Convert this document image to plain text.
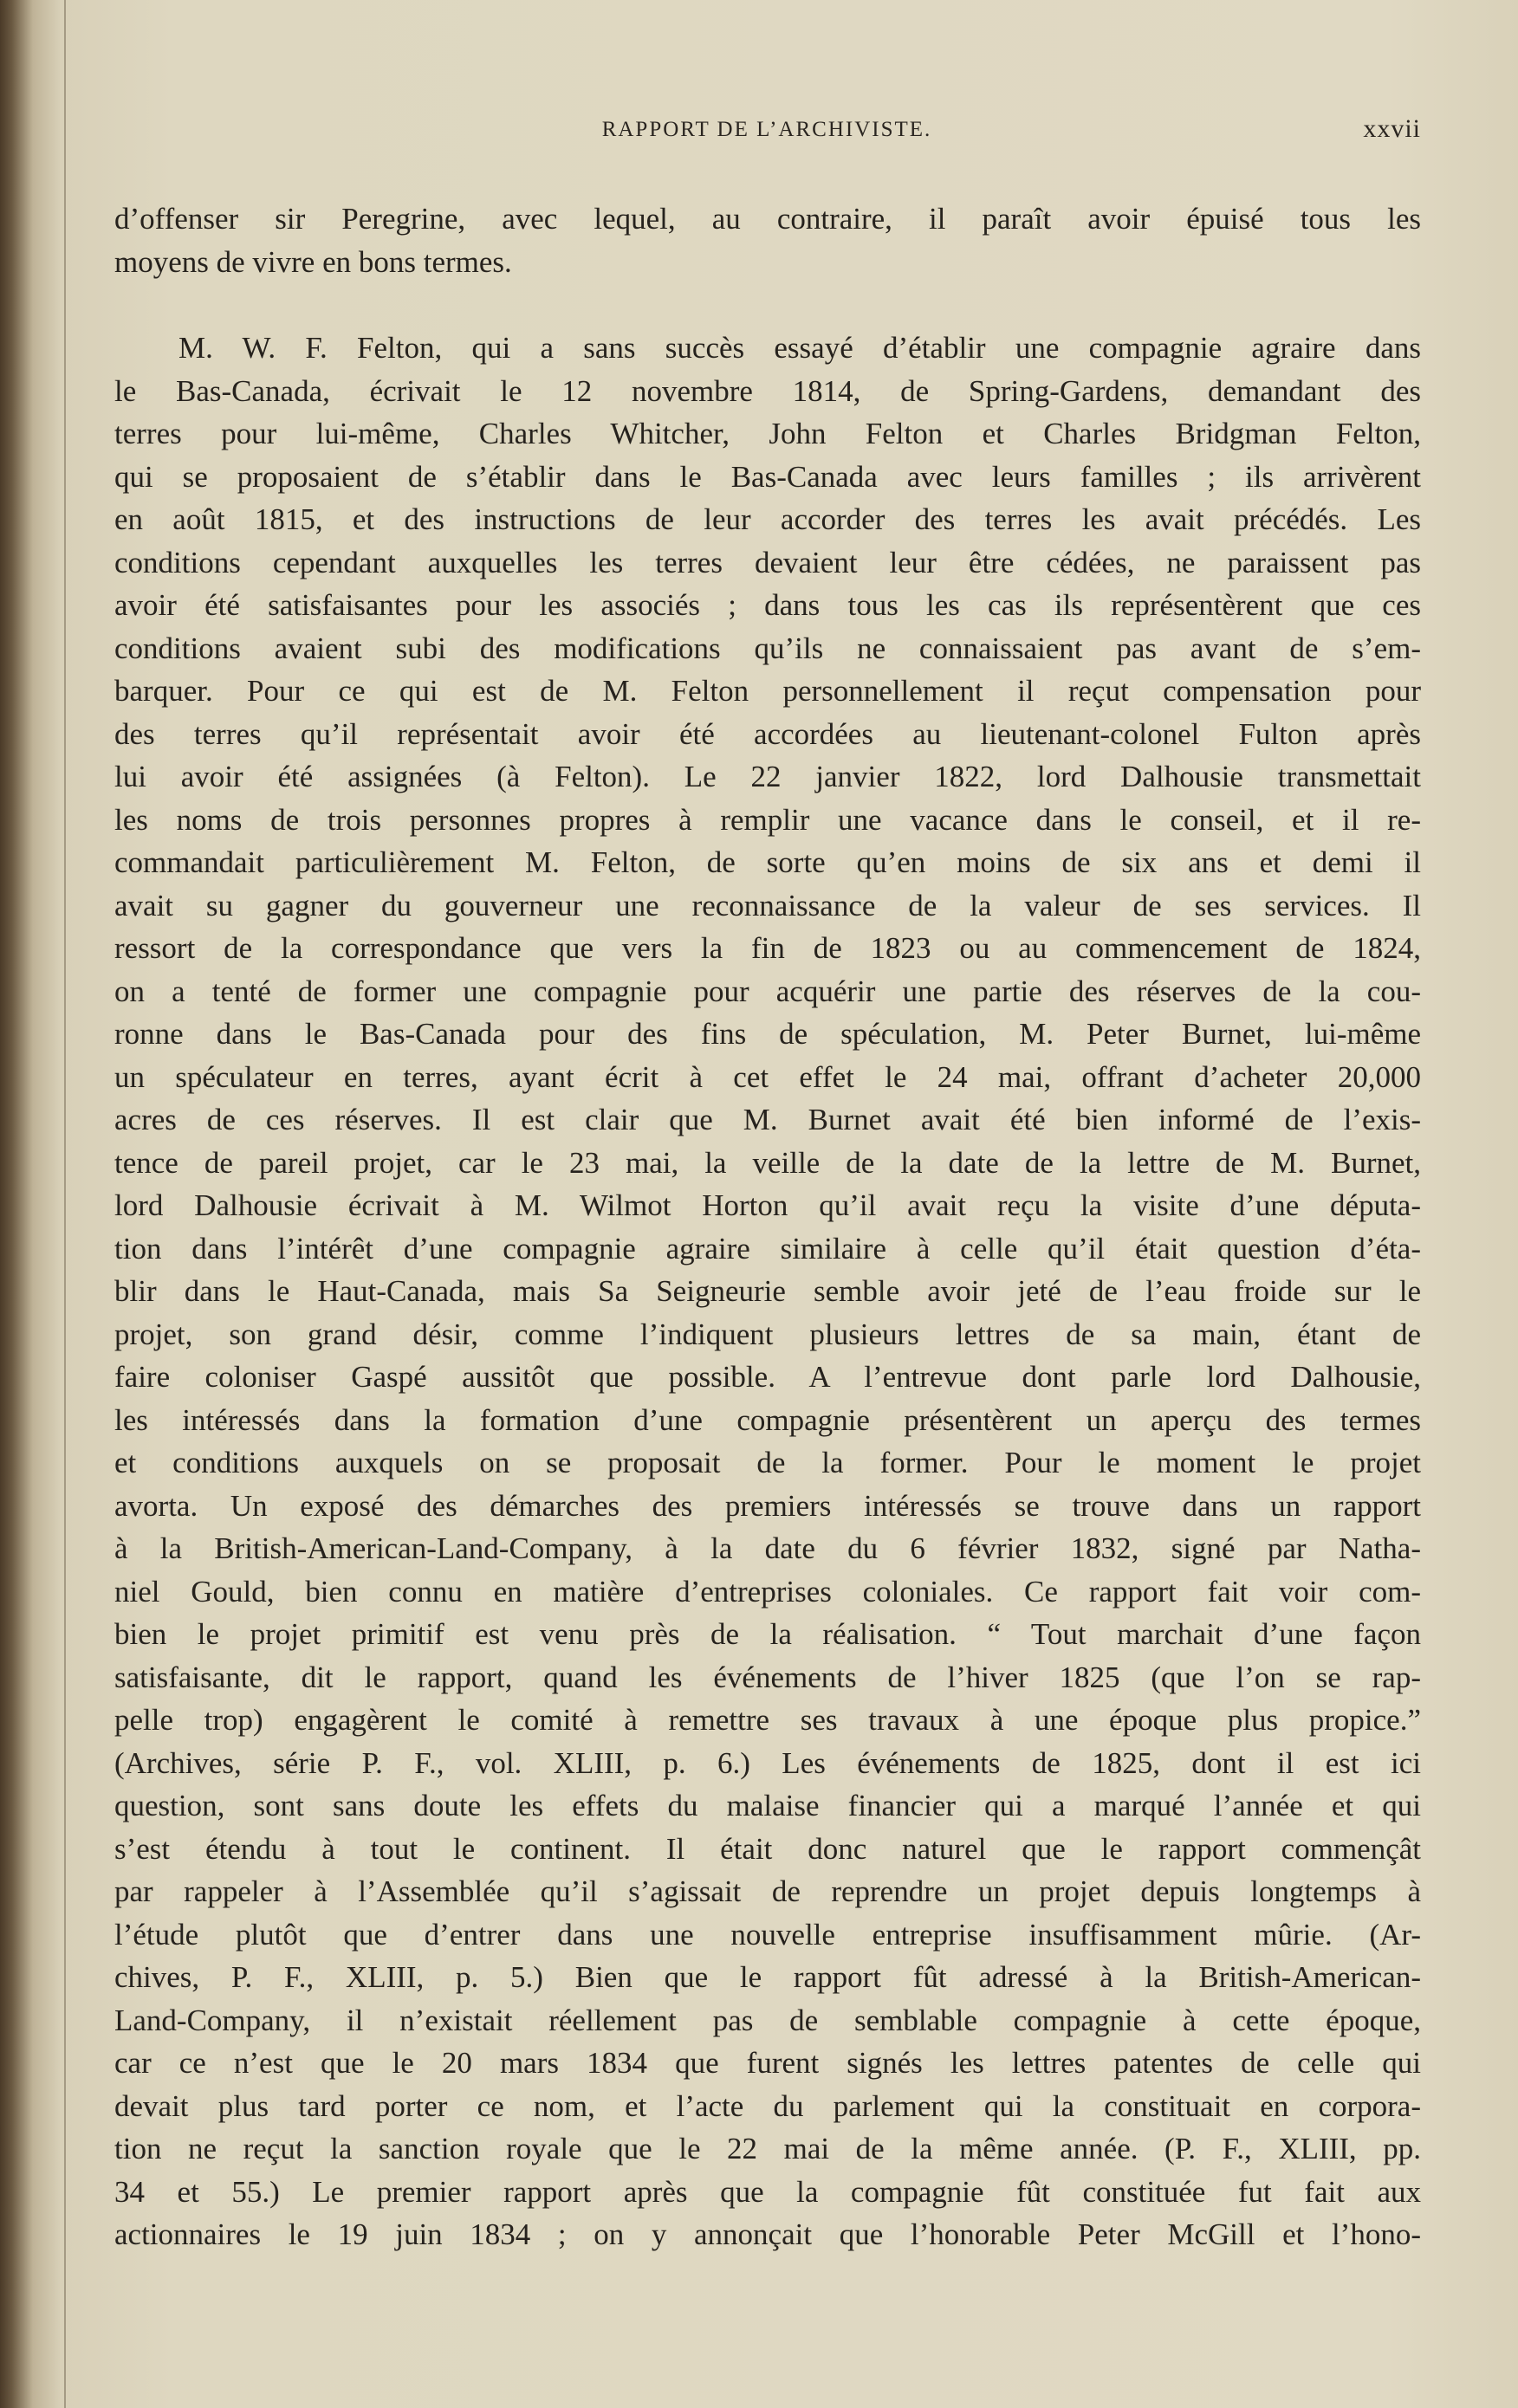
RAPPORT DE L’ARCHIVISTE.	xxvii
d’offenser sir Peregrine, avec lequel, au contraire, il paraît avoir épuisé tous les
moyens de vivre en bons termes.
M. W. F. Felton, qui a sans succès essayé d’établir une compagnie agraire dans
le Bas-Canada, écrivait le 12 novembre 1814, de Spring-Gardens, demandant des
terres pour lui-même, Charles Whitcher, John Felton et Charles Bridgman Felton,
qui se proposaient de s’établir dans le Bas-Canada avec leurs familles ; ils arrivèrent
en août 1815, et des instructions de leur accorder des terres les avait précédés. Les
conditions cependant auxquelles les terres devaient leur être cédées, ne paraissent pas
avoir été satisfaisantes pour les associés ; dans tous les cas ils représentèrent que ces
conditions avaient subi des modifications qu’ils ne connaissaient pas avant de s’em-
barquer. Pour ce qui est de M. Felton personnellement il reçut compensation pour
des terres qu’il représentait avoir été accordées au lieutenant-colonel Fulton après
lui avoir été assignées (à Felton). Le 22 janvier 1822, lord Dalhousie transmettait
les noms de trois personnes propres à remplir une vacance dans le conseil, et il re-
commandait particulièrement M. Felton, de sorte qu’en moins de six ans et demi il
avait su gagner du gouverneur une reconnaissance de la valeur de ses services. Il
ressort de la correspondance que vers la fin de 1823 ou au commencement de 1824,
on a tenté de former une compagnie pour acquérir une partie des réserves de la cou-
ronne dans le Bas-Canada pour des fins de spéculation, M. Peter Burnet, lui-même
un spéculateur en terres, ayant écrit à cet effet le 24 mai, offrant d’acheter 20,000
acres de ces réserves. Il est clair que M. Burnet avait été bien informé de l’exis-
tence de pareil projet, car le 23 mai, la veille de la date de la lettre de M. Burnet,
lord Dalhousie écrivait à M. Wilmot Horton qu’il avait reçu la visite d’une députa-
tion dans l’intérêt d’une compagnie agraire similaire à celle qu’il était question d’éta-
blir dans le Haut-Canada, mais Sa Seigneurie semble avoir jeté de l’eau froide sur le
projet, son grand désir, comme l’indiquent plusieurs lettres de sa main, étant de
faire coloniser Gaspé aussitôt que possible. A l’entrevue dont parle lord Dalhousie,
les intéressés dans la formation d’une compagnie présentèrent un aperçu des termes
et conditions auxquels on se proposait de la former. Pour le moment le projet
avorta. Un exposé des démarches des premiers intéressés se trouve dans un rapport
à la British-American-Land-Company, à la date du 6 février 1832, signé par Natha-
niel Gould, bien connu en matière d’entreprises coloniales. Ce rapport fait voir com-
bien le projet primitif est venu près de la réalisation. “ Tout marchait d’une façon
satisfaisante, dit le rapport, quand les événements de l’hiver 1825 (que l’on se rap-
pelle trop) engagèrent le comité à remettre ses travaux à une époque plus propice.”
(Archives, série P. F., vol. XLIII, p. 6.) Les événements de 1825, dont il est ici
question, sont sans doute les effets du malaise financier qui a marqué l’année et qui
s’est étendu à tout le continent. Il était donc naturel que le rapport commençât
par rappeler à l’Assemblée qu’il s’agissait de reprendre un projet depuis longtemps à
l’étude plutôt que d’entrer dans une nouvelle entreprise insuffisamment mûrie. (Ar-
chives, P. F., XLIII, p. 5.) Bien que le rapport fût adressé à la British-American-
Land-Company, il n’existait réellement pas de semblable compagnie à cette époque,
car ce n’est que le 20 mars 1834 que furent signés les lettres patentes de celle qui
devait plus tard porter ce nom, et l’acte du parlement qui la constituait en corpora-
tion ne reçut la sanction royale que le 22 mai de la même année. (P. F., XLIII, pp.
34 et 55.) Le premier rapport après que la compagnie fût constituée fut fait aux
actionnaires le 19 juin 1834 ; on y annonçait que l’honorable Peter McGill et l’hono-
